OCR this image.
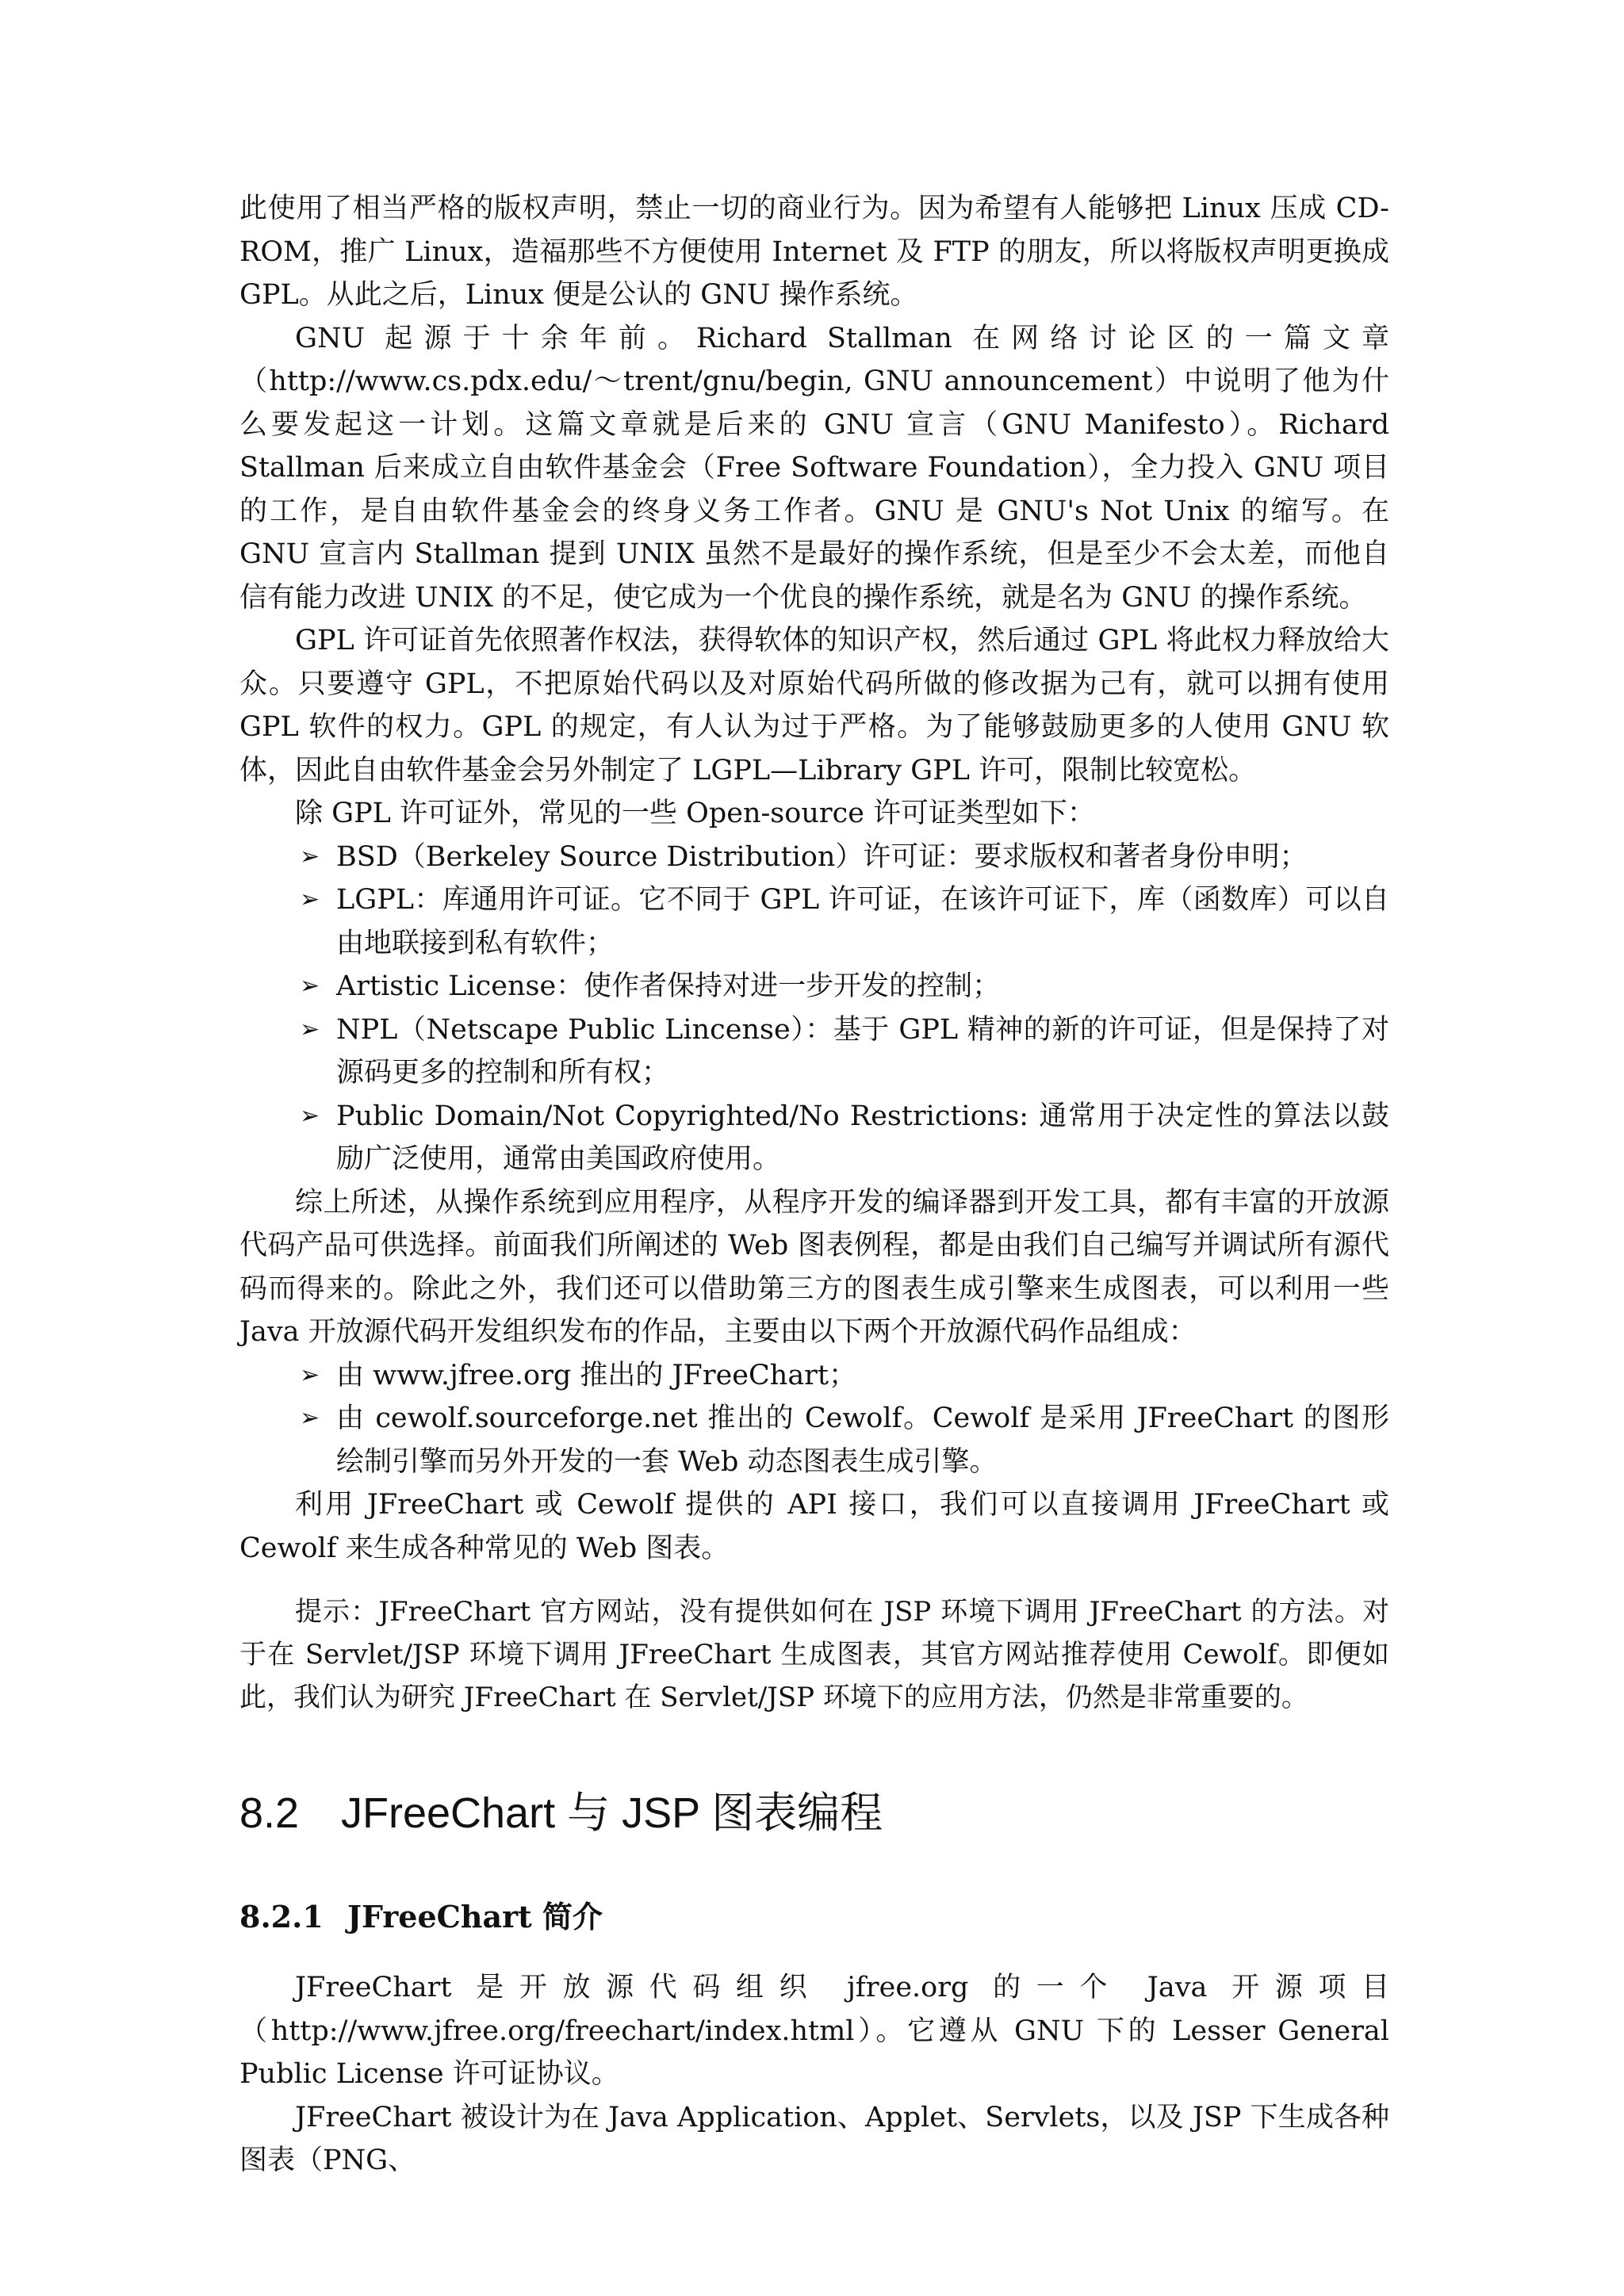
此使用了相当严格的版权声明，禁止一切的商业行为。因为希望有人能够把 Linux 压成 CD-ROM，推广 Linux，造福那些不方便使用 Internet 及 FTP 的朋友，所以将版权声明更换成 GPL。从此之后，Linux 便是公认的 GNU 操作系统。

GNU 起源于十余年前。Richard Stallman 在网络讨论区的一篇文章（http://www.cs.pdx.edu/～trent/gnu/begin, GNU announcement）中说明了他为什么要发起这一计划。这篇文章就是后来的 GNU 宣言（GNU Manifesto）。Richard Stallman 后来成立自由软件基金会（Free Software Foundation），全力投入 GNU 项目的工作，是自由软件基金会的终身义务工作者。GNU 是 GNU's Not Unix 的缩写。在 GNU 宣言内 Stallman 提到 UNIX 虽然不是最好的操作系统，但是至少不会太差，而他自信有能力改进 UNIX 的不足，使它成为一个优良的操作系统，就是名为 GNU 的操作系统。

GPL 许可证首先依照著作权法，获得软体的知识产权，然后通过 GPL 将此权力释放给大众。只要遵守 GPL，不把原始代码以及对原始代码所做的修改据为己有，就可以拥有使用 GPL 软件的权力。GPL 的规定，有人认为过于严格。为了能够鼓励更多的人使用 GNU 软体，因此自由软件基金会另外制定了 LGPL—Library GPL 许可，限制比较宽松。

除 GPL 许可证外，常见的一些 Open-source 许可证类型如下：

➢ BSD（Berkeley Source Distribution）许可证：要求版权和著者身份申明；
➢ LGPL：库通用许可证。它不同于 GPL 许可证，在该许可证下，库（函数库）可以自由地联接到私有软件；
➢ Artistic License：使作者保持对进一步开发的控制；
➢ NPL（Netscape Public Lincense）：基于 GPL 精神的新的许可证，但是保持了对源码更多的控制和所有权；
➢ Public Domain/Not Copyrighted/No Restrictions: 通常用于决定性的算法以鼓励广泛使用，通常由美国政府使用。

综上所述，从操作系统到应用程序，从程序开发的编译器到开发工具，都有丰富的开放源代码产品可供选择。前面我们所阐述的 Web 图表例程，都是由我们自己编写并调试所有源代码而得来的。除此之外，我们还可以借助第三方的图表生成引擎来生成图表，可以利用一些 Java 开放源代码开发组织发布的作品，主要由以下两个开放源代码作品组成：

➢ 由 www.jfree.org 推出的 JFreeChart；
➢ 由 cewolf.sourceforge.net 推出的 Cewolf。Cewolf 是采用 JFreeChart 的图形绘制引擎而另外开发的一套 Web 动态图表生成引擎。

利用 JFreeChart 或 Cewolf 提供的 API 接口，我们可以直接调用 JFreeChart 或 Cewolf 来生成各种常见的 Web 图表。

提示：JFreeChart 官方网站，没有提供如何在 JSP 环境下调用 JFreeChart 的方法。对于在 Servlet/JSP 环境下调用 JFreeChart 生成图表，其官方网站推荐使用 Cewolf。即便如此，我们认为研究 JFreeChart 在 Servlet/JSP 环境下的应用方法，仍然是非常重要的。

8.2 JFreeChart 与 JSP 图表编程
8.2.1 JFreeChart 简介

JFreeChart 是开放源代码组织 jfree.org 的一个 Java 开源项目（http://www.jfree.org/freechart/index.html）。它遵从 GNU 下的 Lesser General Public License 许可证协议。

JFreeChart 被设计为在 Java Application、Applet、Servlets，以及 JSP 下生成各种图表（PNG、
